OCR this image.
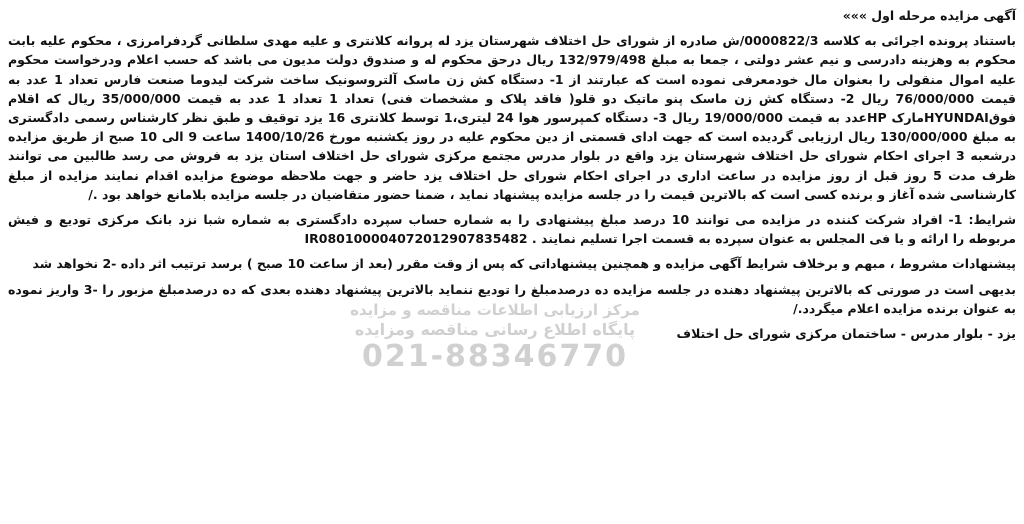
آگهی مزایده مرحله اول »»»

باستناد پرونده اجرائی به کلاسه 0000822/3/ش صادره از شورای حل اختلاف شهرستان یزد له پروانه کلانتری و علیه مهدی سلطانی گردفرامرزی ، محکوم علیه بابت محکوم به وهزینه دادرسی و نیم عشر دولتی ، جمعا به مبلغ 132/979/498 ریال درحق محکوم له و صندوق دولت مدیون می باشد که حسب اعلام ودرخواست محکوم علیه اموال منقولی را بعنوان مال خودمعرفی نموده است که عبارتند از 1- دستگاه کش زن ماسک آلتروسونیک ساخت شرکت لیدوما صنعت فارس تعداد 1 عدد به قیمت 76/000/000 ریال 2- دستگاه کش زن ماسک پنو ماتیک دو قلو( فاقد پلاک و مشخصات فنی) تعداد 1 تعداد 1 عدد به قیمت 35/000/000 ریال که اقلام فوقHYUNDAIمارک HPعدد به قیمت 19/000/000 ریال 3- دستگاه کمپرسور هوا 24 لیتری،1 توسط کلانتری 16 یزد توقیف و طبق نظر کارشناس رسمی دادگستری به مبلغ 130/000/000 ریال ارزیابی گردیده است که جهت ادای قسمتی از دین محکوم علیه در روز یکشنبه مورخ 1400/10/26 ساعت 9 الی 10 صبح از طریق مزایده درشعبه 3 اجرای احکام شورای حل اختلاف شهرستان یزد واقع در بلوار مدرس مجتمع مرکزی شورای حل اختلاف استان یزد به فروش می رسد طالبین می توانند ظرف مدت 5 روز قبل از روز مزایده در ساعت اداری در اجرای احکام شورای حل اختلاف یزد حاضر و جهت ملاحظه موضوع مزایده اقدام نمایند مزایده از مبلغ کارشناسی شده آغاز و برنده کسی است که بالاترین قیمت را در جلسه مزایده پیشنهاد نماید ، ضمنا حضور متقاضیان در جلسه مزایده بلامانع خواهد بود ./

شرایط: 1- افراد شرکت کننده در مزایده می توانند 10 درصد مبلغ پیشنهادی را به شماره حساب سپرده دادگستری به شماره شبا نزد بانک مرکزی تودیع و فیش مربوطه را ارائه و یا فی المجلس به عنوان سپرده به قسمت اجرا تسلیم نمایند . IR080100004072012907835482

پیشنهادات مشروط ، مبهم و برخلاف شرایط آگهی مزایده و همچنین پیشنهاداتی که پس از وقت مقرر (بعد از ساعت 10 صبح ) برسد ترتیب اثر داده -2 نخواهد شد

بدیهی است در صورتی که بالاترین پیشنهاد دهنده در جلسه مزایده ده درصدمبلغ را تودیع ننماید بالاترین پیشنهاد دهنده بعدی که ده درصدمبلغ مزبور را -3 واریز نموده به عنوان برنده مزایده اعلام میگردد./

یزد - بلوار مدرس - ساختمان مرکزی شورای حل اختلاف

مرکز ارزیابی اطلاعات مناقصه و مزایده
پایگاه اطلاع رسانی مناقصه ومزایده
021-88346770
